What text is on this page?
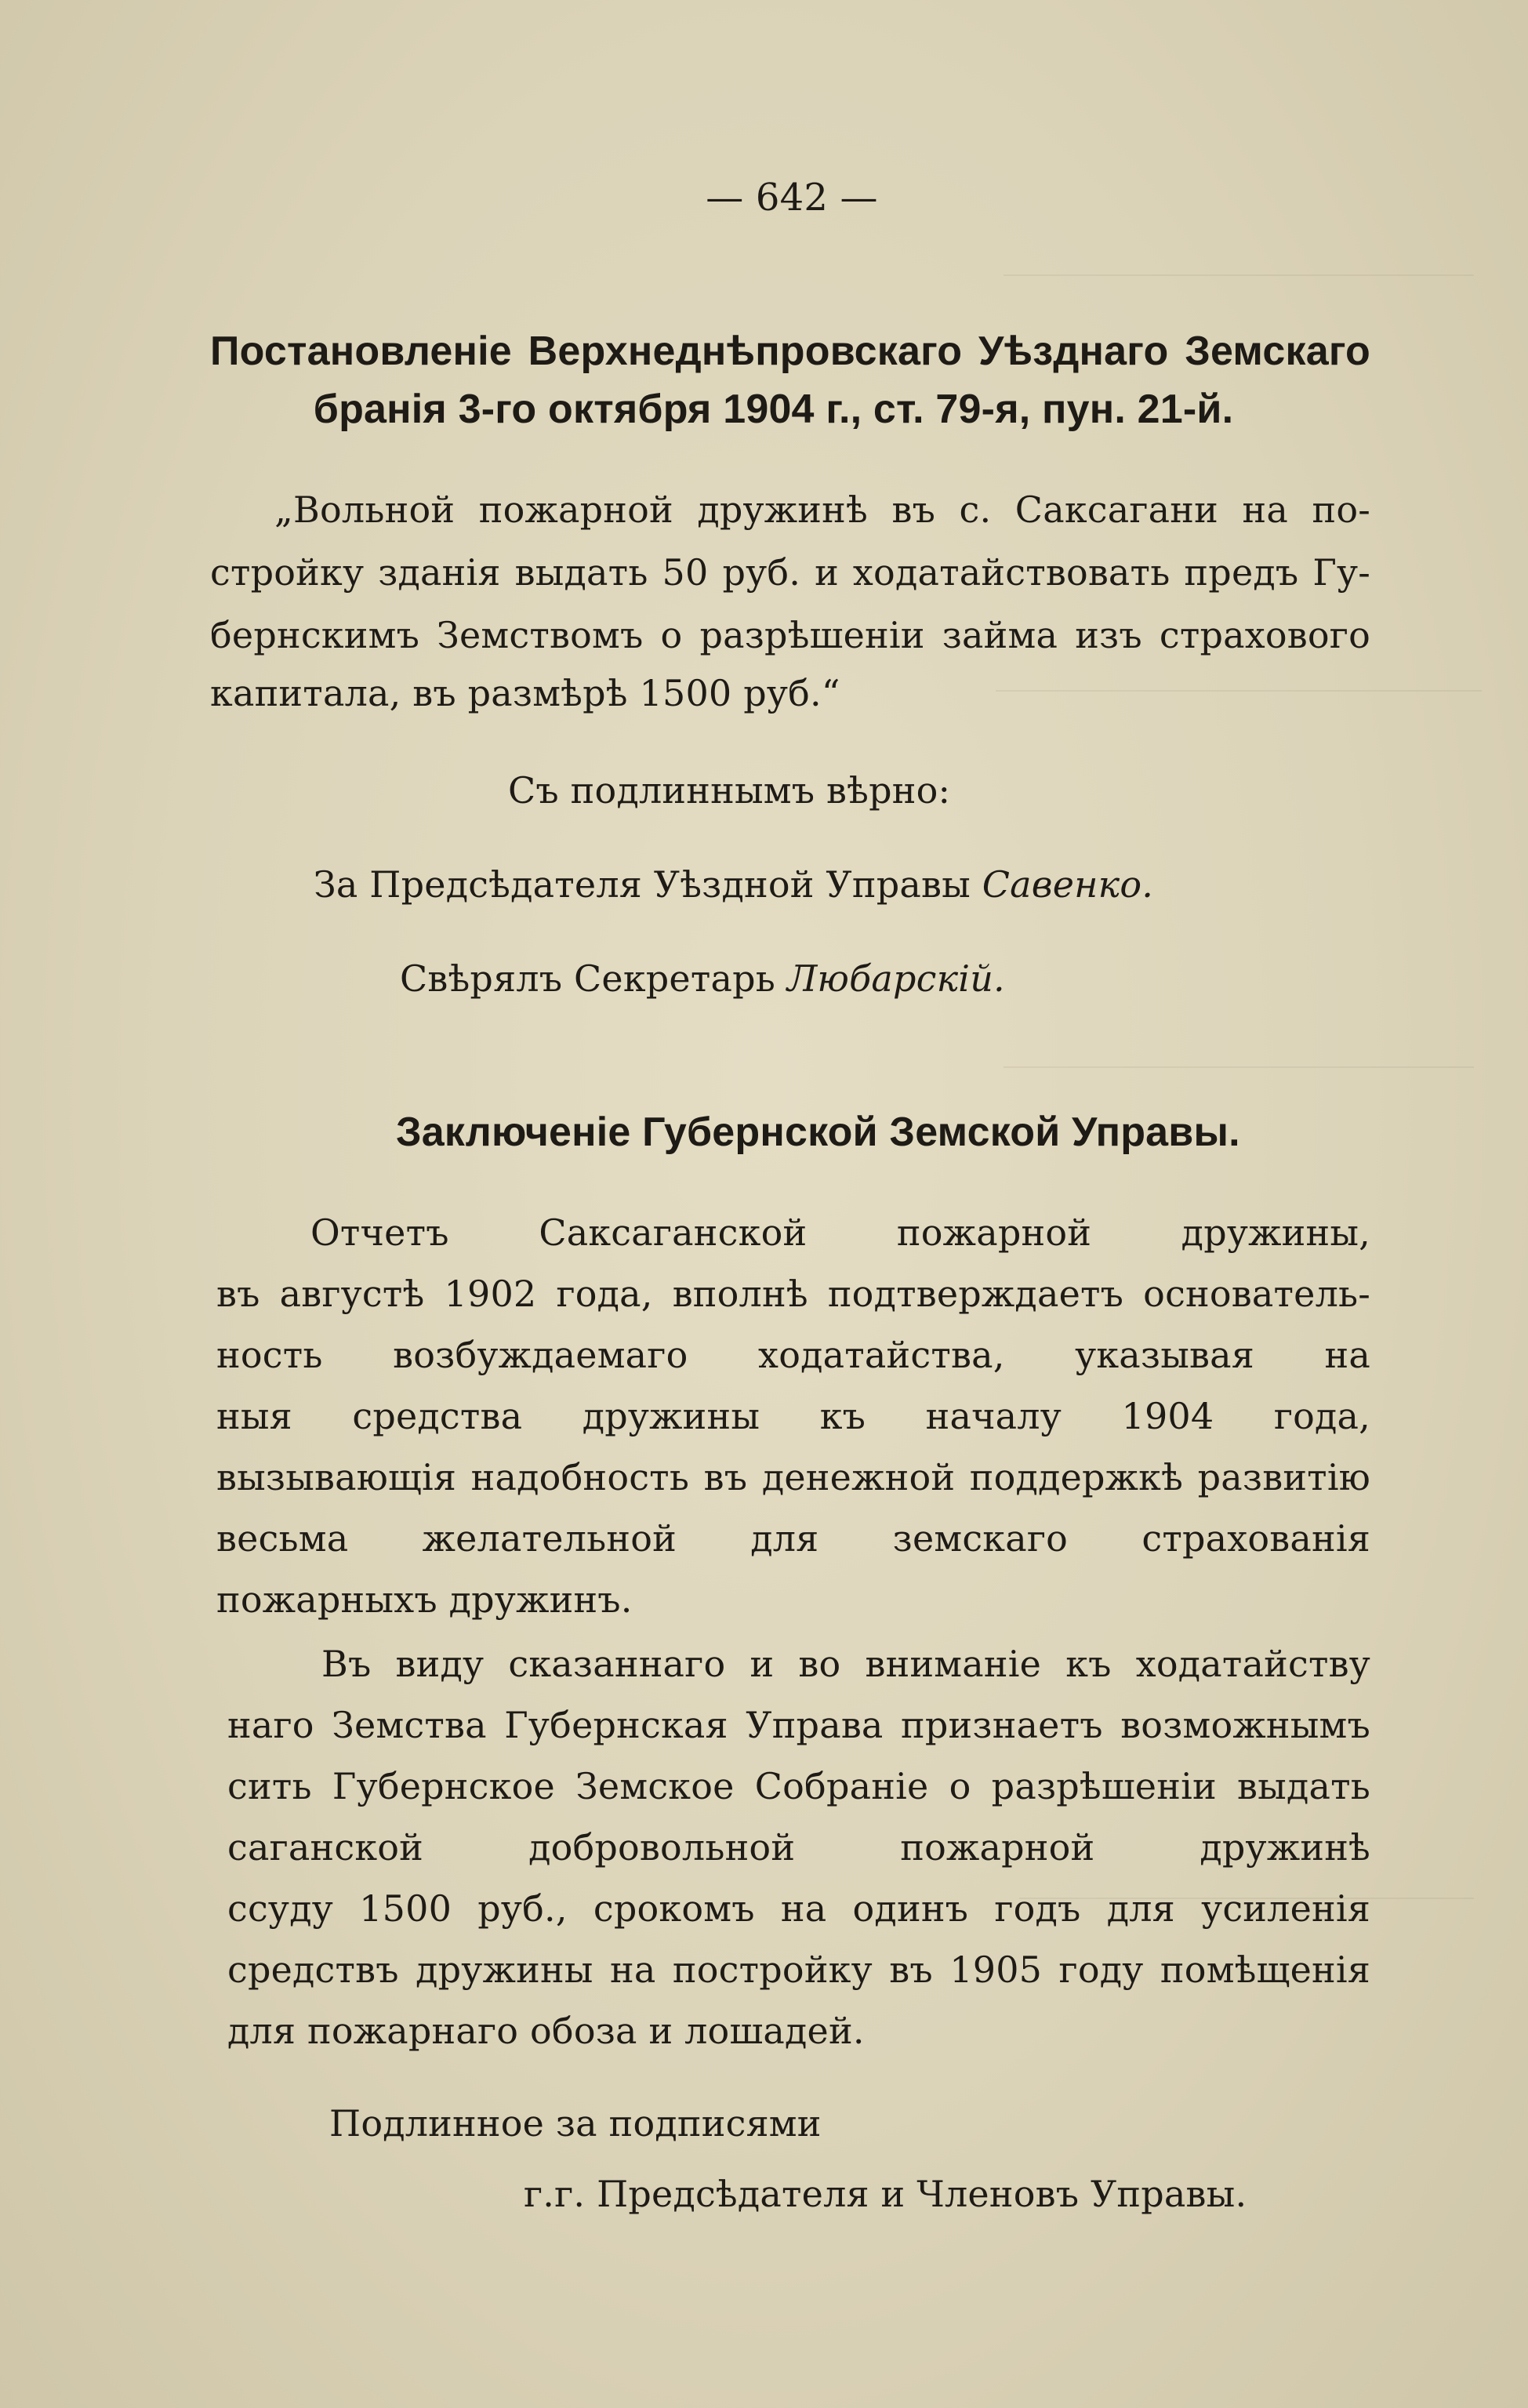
— 642 —
Постановленіе Верхнеднѣпровскаго Уѣзднаго Земскаго
бранія 3-го октября 1904 г., ст. 79-я, пун. 21-й.
„Вольной пожарной дружинѣ въ с. Саксагани на по-
стройку зданія выдать 50 руб. и ходатайствовать предъ Гу-
бернскимъ Земствомъ о разрѣшеніи займа изъ страхового
капитала, въ размѣрѣ 1500 руб.“
Съ подлиннымъ вѣрно:
За Предсѣдателя Уѣздной Управы Савенко.
Свѣрялъ Секретарь Любарскій.
Заключеніе Губернской Земской Управы.
Отчетъ Саксаганской пожарной дружины,
въ августѣ 1902 года, вполнѣ подтверждаетъ основатель-
ность возбуждаемаго ходатайства, указывая на
ныя средства дружины къ началу 1904 года,
вызывающія надобность въ денежной поддержкѣ развитію
весьма желательной для земскаго страхованія
пожарныхъ дружинъ.
Въ виду сказаннаго и во вниманіе къ ходатайству
наго Земства Губернская Управа признаетъ возможнымъ
сить Губернское Земское Собраніе о разрѣшеніи выдать
саганской добровольной пожарной дружинѣ
ссуду 1500 руб., срокомъ на одинъ годъ для усиленія
средствъ дружины на постройку въ 1905 году помѣщенія
для пожарнаго обоза и лошадей.
Подлинное за подписями
г.г. Предсѣдателя и Членовъ Управы.
